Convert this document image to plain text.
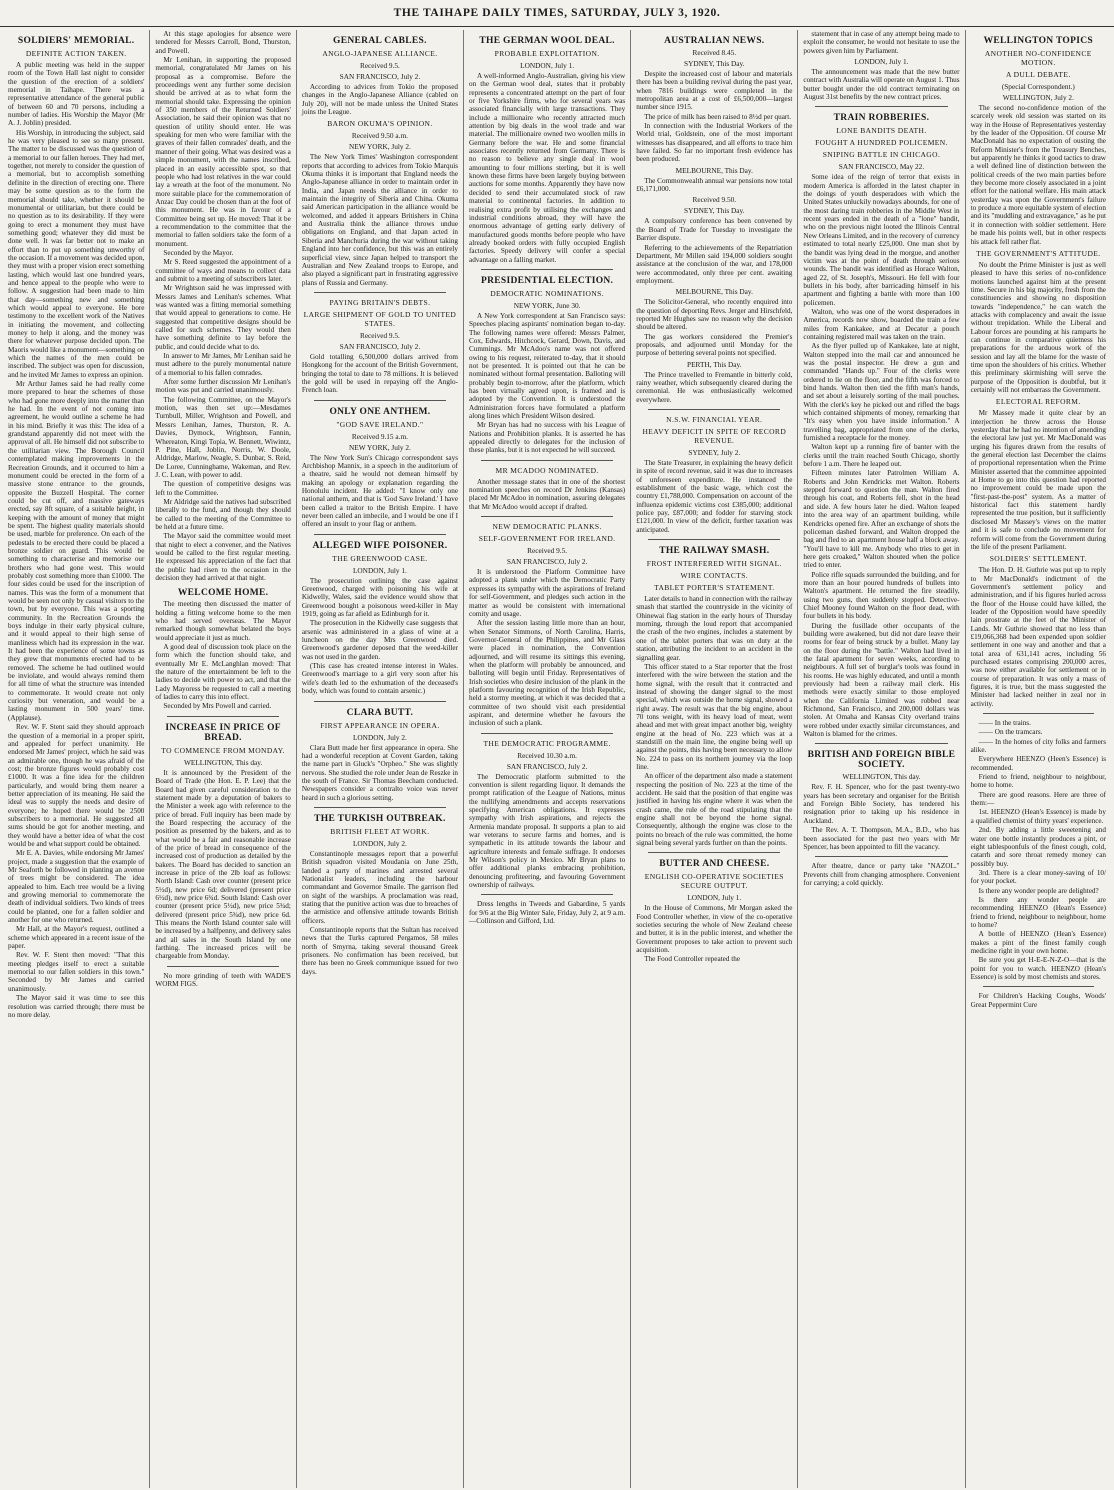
THE TAIHAPE DAILY TIMES, SATURDAY, JULY 3, 1920.
SOLDIERS' MEMORIAL.
DEFINITE ACTION TAKEN.

A public meeting was held in the supper room of the Town Hall last night to consider the question of the erection of a soldiers' memorial in Taihape. There was a representative attendance of the general public of between 60 and 70 persons, including a number of ladies. His Worship the Mayor (Mr A. J. Joblin) presided.

His Worship, in introducing the subject, said he was very pleased to see so many present. The matter to be discussed was the question of a memorial to our fallen heroes. They had met, together, not merely to consider the question of a memorial, but to accomplish something definite in the direction of erecting one. There may be some question as to the form the memorial should take, whether it should be monumental or utilitarian, but there could be no question as to its desirability. If they were going to erect a monument they must have something good; whatever they did must be done well. It was far better not to make an effort than to put up something unworthy of the occasion. If a movement was decided upon, they must with a proper vision erect something lasting, which would last one hundred years, and hence appeal to the people who were to follow. A suggestion had been made to him that day—something new and something which would appeal to everyone. He bore testimony to the excellent work of the Natives in initiating the movement, and collecting money to help it along, and the money was there for whatever purpose decided upon. The Maoris would like a monument—something on which the names of the men could be inscribed. The subject was open for discussion, and he invited Mr James to express an opinion.

Mr Arthur James said he had really come more prepared to hear the schemes of those who had gone more deeply into the matter than he had. In the event of not coming into agreement, he would outline a scheme he had in his mind. Briefly it was this: The idea of a grandstand apparently did not meet with the approval of all. He himself did not subscribe to the utilitarian view. The Borough Council contemplated making improvements in the Recreation Grounds, and it occurred to him a monument could be erected in the form of a massive stone entrance to the grounds, opposite the Buzzell Hospital. The corner could be cut off, and massive gateways erected, say 8ft square, of a suitable height, in keeping with the amount of money that might be spent. The highest quality materials should be used, marble for preference. On each of the pedestals to be erected there could be placed a bronze soldier on guard. This would be something to characterise and memorise our brothers who had gone west. This would probably cost something more than £1000. The four sides could be used for the inscription of names. This was the form of a monument that would be seen not only by casual visitors to the town, but by everyone. This was a sporting community. In the Recreation Grounds the boys indulge in their early physical culture, and it would appeal to their high sense of manliness which had its expression in the war. It had been the experience of some towns as they grew that monuments erected had to be removed. The scheme he had outlined would be inviolate, and would always remind them for all time of what the structure was intended to commemorate. It would create not only curiosity but veneration, and would be a lasting monument in 500 years' time. (Applause).

Rev. W. F. Stent said they should approach the question of a memorial in a proper spirit, and appealed for perfect unanimity. He endorsed Mr James' project, which he said was an admirable one, though he was afraid of the cost; the bronze figures would probably cost £1000. It was a fine idea for the children particularly, and would bring them nearer a better appreciation of its meaning. He said the ideal was to supply the needs and desire of everyone; he hoped there would be 2500 subscribers to a memorial. He suggested all sums should be got for another meeting, and they would have a better idea of what the cost would be and what support could be obtained.

Mr E. A. Davies, while endorsing Mr James' project, made a suggestion that the example of Mr Seaforth be followed in planting an avenue of trees might be considered. The idea appealed to him. Each tree would be a living and growing memorial to commemorate the death of individual soldiers. Two kinds of trees could be planted, one for a fallen soldier and another for one who returned.

Mr Hall, at the Mayor's request, outlined a scheme which appeared in a recent issue of the paper.

Rev. W. F. Stent then moved: "That this meeting pledges itself to erect a suitable memorial to our fallen soldiers in this town." Seconded by Mr James and carried unanimously.

The Mayor said it was time to see this resolution was carried through; there must be no more delay.

At this stage apologies for absence were tendered for Messrs Carroll, Bond, Thurston, and Powell.

Mr Lenihan, in supporting the proposed memorial, congratulated Mr James on his proposal as a compromise. Before the proceedings went any further some decision should be arrived at as to what form the memorial should take. Expressing the opinion of 350 members of the Returned Soldiers' Association, he said their opinion was that no question of utility should enter. He was speaking for men who were familiar with the graves of their fallen comrades' death, and the manner of their going. What was desired was a simple monument, with the names inscribed, placed in an easily accessible spot, so that people who had lost relatives in the war could lay a wreath at the foot of the monument. No more suitable place for the commemoration of Anzac Day could be chosen than at the foot of this monument. He was in favour of a Committee being set up. He moved: That it be a recommendation to the committee that the memorial to fallen soldiers take the form of a monument.

Seconded by the Mayor.

Mr S. Reed suggested the appointment of a committee of ways and means to collect data and submit to a meeting of subscribers later.

Mr Wrightson said he was impressed with Messrs James and Lenihan's schemes. What was wanted was a fitting memorial something that would appeal to generations to come. He suggested that competitive designs should be called for such schemes. They would then have something definite to lay before the public, and could decide what to do.

In answer to Mr James, Mr Lenihan said he must adhere to the purely monumental nature of a memorial to his fallen comrades.

After some further discussion Mr Lenihan's motion was put and carried unanimously.

The following Committee, on the Mayor's motion, was then set up:—Mesdames Turnbull, Miller, Wrightson and Powell, and Messrs Lenihan, James, Thurston, R. A. Davies, Dymock, Wrightson, Fannin, Whereaton, Kingi Topia, W. Bennett, Wiwintz, P. Pine, Hall, Joblin, Norris, W. Doole, Aldridge, Marlow, Neagle, S. Dunbar, S. Reid, De Loree, Cunninghame, Wakeman, and Rev. J. C. Lean, with power to add.

The question of competitive designs was left to the Committee.

Mr Aldridge said the natives had subscribed liberally to the fund, and though they should be called to the meeting of the Committee to be held at a future time.

The Mayor said the committee would meet that night to elect a convener, and the Natives would be called to the first regular meeting. He expressed his appreciation of the fact that the public had risen to the occasion in the decision they had arrived at that night.

WELCOME HOME.

The meeting then discussed the matter of holding a fitting welcome home to the men who had served overseas. The Mayor remarked though somewhat belated the boys would appreciate it just as much.

A good deal of discussion took place on the form which the function should take, and eventually Mr E. McLanghlan moved: That the nature of the entertainment be left to the ladies to decide with power to act, and that the Lady Mayoress be requested to call a meeting of ladies to carry this into effect.

Seconded by Mrs Powell and carried.

INCREASE IN PRICE OF BREAD.
TO COMMENCE FROM MONDAY.
WELLINGTON, This day.

It is announced by the President of the Board of Trade (the Hon. E. P. Lee) that the Board had given careful consideration to the statement made by a deputation of bakers to the Minister a week ago with reference to the price of bread. Full inquiry has been made by the Board respecting the accuracy of the position as presented by the bakers, and as to what would be a fair and reasonable increase of the price of bread in consequence of the increased cost of production as detailed by the bakers. The Board has decided to sanction an increase in price of the 2lb loaf as follows: North Island: Cash over counter (present price 5½d), new price 6d; delivered (present price 6½d), new price 6¾d. South Island: Cash over counter (present price 5½d), new price 5¾d; delivered (present price 5¾d), new price 6d. This means the North Island counter sale will be increased by a halfpenny, and delivery sales and all sales in the South Island by one farthing. The increased prices will be chargeable from Monday.

No more grinding of teeth with WADE'S WORM FIGS.

GENERAL CABLES.
ANGLO-JAPANESE ALLIANCE.
Received 9.5.
SAN FRANCISCO, July 2.

According to advices from Tokio the proposed changes in the Anglo-Japanese Alliance (cabled on July 20), will not be made unless the United States joins the League.

BARON OKUMA'S OPINION.
Received 9.50 a.m.
NEW YORK, July 2.

The New York Times' Washington correspondent reports that according to advices from Tokio Marquis Okuma thinks it is important that England needs the Anglo-Japanese alliance in order to maintain order in India, and Japan needs the alliance in order to maintain the integrity of Siberia and China. Okuma said American participation in the alliance would be welcomed, and added it appears Britishers in China and Australia think the alliance throws undue obligations on England, and that Japan acted in Siberia and Manchuria during the war without taking England into her confidence, but this was an entirely superficial view, since Japan helped to transport the Australian and New Zealand troops to Europe, and also played a significant part in frustrating aggressive plans of Russia and Germany.

PAYING BRITAIN'S DEBTS.
LARGE SHIPMENT OF GOLD TO UNITED STATES.
Received 9.5.
SAN FRANCISCO, July 2.

Gold totalling 6,500,000 dollars arrived from Hongkong for the account of the British Government, bringing the total to date to 78 millions. It is believed the gold will be used in repaying off the Anglo-French loan.

ONLY ONE ANTHEM.
"GOD SAVE IRELAND."
Received 9.15 a.m.
NEW YORK, July 2.

The New York Sun's Chicago correspondent says Archbishop Mannix, in a speech in the auditorium of a theatre, said he would not demean himself by making an apology or explanation regarding the Honolulu incident. He added: "I know only one national anthem, and that is 'God Save Ireland.' I have been called a traitor to the British Empire. I have never been called an imbecile, and I would be one if I offered an insult to your flag or anthem.

ALLEGED WIFE POISONER.
THE GREENWOOD CASE.
LONDON, July 1.

The prosecution outlining the case against Greenwood, charged with poisoning his wife at Kidwelly, Wales, said the evidence would show that Greenwood bought a poisonous weed-killer in May 1919, going as far afield as Edinburgh for it.

The prosecution in the Kidwelly case suggests that arsenic was administered in a glass of wine at a luncheon on the day Mrs Greenwood died. Greenwood's gardener deposed that the weed-killer was not used in the garden.

(This case has created intense interest in Wales. Greenwood's marriage to a girl very soon after his wife's death led to the exhumation of the deceased's body, which was found to contain arsenic.)

CLARA BUTT.
FIRST APPEARANCE IN OPERA.
LONDON, July 2.

Clara Butt made her first appearance in opera. She had a wonderful reception at Covent Garden, taking the name part in Gluck's "Orpheo." She was slightly nervous. She studied the role under Jean de Reszke in the south of France. Sir Thomas Beecham conducted. Newspapers consider a contralto voice was never heard in such a glorious setting.

THE TURKISH OUTBREAK.
BRITISH FLEET AT WORK.
LONDON, July 2.

Constantinople messages report that a powerful British squadron visited Moudania on June 25th, landed a party of marines and arrested several Nationalist leaders, including the harbour commandant and Governor Smaile. The garrison fled on sight of the warships. A proclamation was read, stating that the punitive action was due to breaches of the armistice and offensive attitude towards British officers.

Constantinople reports that the Sultan has received news that the Turks captured Pergamos, 58 miles north of Smyrna, taking several thousand Greek prisoners. No confirmation has been received, but there has been no Greek communique issued for two days.

THE GERMAN WOOL DEAL.
PROBABLE EXPLOITATION.
LONDON, July 1.

A well-informed Anglo-Australian, giving his view on the German wool deal, states that it probably represents a concentrated attempt on the part of four or five Yorkshire firms, who for several years was associated financially with large transactions. They include a millionaire who recently attracted much attention by big deals in the wool trade and war material. The millionaire owned two woollen mills in Germany before the war. He and some financial associates recently returned from Germany. There is no reason to believe any single deal in wool amounting to four millions sterling, but it is well known these firms have been largely buying between auctions for some months. Apparently they have now decided to send their accumulated stock of raw material to continental factories. In addition to realising extra profit by utilising the exchanges and industrial conditions abroad, they will have the enormous advantage of getting early delivery of manufactured goods months before people who have already booked orders with fully occupied English factories. Speedy delivery will confer a special advantage on a falling market.

PRESIDENTIAL ELECTION.
DEMOCRATIC NOMINATIONS.
NEW YORK, June 30.

A New York correspondent at San Francisco says: Speeches placing aspirants' nomination began to-day. The following names were offered: Messrs Palmer, Cox, Edwards, Hitchcock, Gerard, Down, Davis, and Cummings. Mr McAdoo's name was not offered owing to his request, reiterated to-day, that it should not be presented. It is pointed out that he can be nominated without formal presentation. Balloting will probably begin to-morrow, after the platform, which has been virtually agreed upon, is framed and is adopted by the Convention. It is understood the Administration forces have formulated a platform along lines which President Wilson desired.

Mr Bryan has had no success with his League of Nations and Prohibition planks. It is asserted he has appealed directly to delegates for the inclusion of these planks, but it is not expected he will succeed.

MR MCADOO NOMINATED.

Another message states that in one of the shortest nomination speeches on record Dr Jenkins (Kansas) placed Mr McAdoo in nomination, assuring delegates that Mr McAdoo would accept if drafted.

NEW DEMOCRATIC PLANKS.
SELF-GOVERNMENT FOR IRELAND.
Received 9.5.
SAN FRANCISCO, July 2.

It is understood the Platform Committee have adopted a plank under which the Democratic Party expresses its sympathy with the aspirations of Ireland for self-Government, and pledges such action in the matter as would be consistent with international comity and usage.

After the session lasting little more than an hour, when Senator Simmons, of North Carolina, Harris, Governor-General of the Philippines, and Mr Glass were placed in nomination, the Convention adjourned, and will resume its sittings this evening, when the platform will probably be announced, and balloting will begin until Friday. Representatives of Irish societies who desire inclusion of the plank in the platform favouring recognition of the Irish Republic, held a stormy meeting, at which it was decided that a committee of two should visit each presidential aspirant, and determine whether he favours the inclusion of such a plank.

THE DEMOCRATIC PROGRAMME.
Received 10.30 a.m.
SAN FRANCISCO, July 2.

The Democratic platform submitted to the convention is silent regarding liquor. It demands the prompt ratification of the League of Nations, minus the nullifying amendments and accepts reservations specifying American obligations. It expresses sympathy with Irish aspirations, and rejects the Armenia mandate proposal. It supports a plan to aid war veterans to secure farms and homes, and is sympathetic in its attitude towards the labour and agriculture interests and female suffrage. It endorses Mr Wilson's policy in Mexico. Mr Bryan plans to offer additional planks embracing prohibition, denouncing profiteering, and favouring Government ownership of railways.

Dress lengths in Tweeds and Gabardine, 5 yards for 9/6 at the Big Winter Sale, Friday, July 2, at 9 a.m. —Collinson and Gifford, Ltd.

AUSTRALIAN NEWS.
Received 8.45.
SYDNEY, This Day.

Despite the increased cost of labour and materials there has been a building revival during the past year, when 7816 buildings were completed in the metropolitan area at a cost of £6,500,000—largest number since 1915.

The price of milk has been raised to 8½d per quart.

In connection with the Industrial Workers of the World trial, Goldstein, one of the most important witnesses has disappeared, and all efforts to trace him have failed. So far no important fresh evidence has been produced.

MELBOURNE, This Day.

The Commonwealth annual war pensions now total £6,171,000.

Received 9.50.
SYDNEY, This Day.

A compulsory conference has been convened by the Board of Trade for Tuesday to investigate the Barrier dispute.

Referring to the achievements of the Repatriation Department, Mr Millen said 194,000 soldiers sought assistance at the conclusion of the war, and 178,000 were accommodated, only three per cent. awaiting employment.

MELBOURNE, This Day.

The Solicitor-General, who recently enquired into the question of deporting Revs. Jerger and Hirschfeld, reported Mr Hughes saw no reason why the decision should be altered.

The gas workers considered the Premier's proposals, and adjourned until Monday for the purpose of bettering several points not specified.

PERTH, This Day.

The Prince travelled to Fremantle in bitterly cold, rainy weather, which subsequently cleared during the ceremonial. He was enthusiastically welcomed everywhere.

N.S.W. FINANCIAL YEAR.
HEAVY DEFICIT IN SPITE OF RECORD REVENUE.
SYDNEY, July 2.

The State Treasurer, in explaining the heavy deficit in spite of record revenue, said it was due to increases of unforeseen expenditure. He instanced the establishment of the basic wage, which cost the country £1,788,000. Compensation on account of the influenza epidemic victims cost £385,000; additional police pay, £87,000; and fodder for starving stock £121,000. In view of the deficit, further taxation was anticipated.

THE RAILWAY SMASH.
FROST INTERFERED WITH SIGNAL.
WIRE CONTACTS.
TABLET PORTER'S STATEMENT.

Later details to hand in connection with the railway smash that startled the countryside in the vicinity of Ohinewai flag station in the early hours of Thursday morning, through the loud report that accompanied the crash of the two engines, includes a statement by one of the tablet porters that was on duty at the station, attributing the incident to an accident in the signalling gear.

This officer stated to a Star reporter that the frost interfered with the wire between the station and the home signal, with the result that it contracted and instead of showing the danger signal to the most special, which was outside the home signal, showed a right away. The result was that the big engine, about 70 tons weight, with its heavy load of meat, went ahead and met with great impact another big, weighty engine at the head of No. 223 which was at a standstill on the main line, the engine being well up against the points, this having been necessary to allow No. 224 to pass on its northern journey via the loop line.

An officer of the department also made a statement respecting the position of No. 223 at the time of the accident. He said that the position of that engine was justified in having his engine where it was when the crash came, the rule of the road stipulating that the engine shall not be beyond the home signal. Consequently, although the engine was close to the points no breach of the rule was committed, the home signal being several yards further on than the points.

BUTTER AND CHEESE.
ENGLISH CO-OPERATIVE SOCIETIES SECURE OUTPUT.
LONDON, July 1.

In the House of Commons, Mr Morgan asked the Food Controller whether, in view of the co-operative societies securing the whole of New Zealand cheese and butter, it is in the public interest, and whether the Government proposes to take action to prevent such acquisition.

The Food Controller repeated the

statement that in case of any attempt being made to exploit the consumer, he would not hesitate to use the powers given him by Parliament.

LONDON, July 1.

The announcement was made that the new butter contract with Australia will operate on August 1. Thus butter bought under the old contract terminating on August 31st benefits by the new contract prices.

TRAIN ROBBERIES.
LONE BANDITS DEATH.
FOUGHT A HUNDRED POLICEMEN.
SNIPING BATTLE IN CHICAGO.
SAN FRANCISCO, May 22.

Some idea of the reign of terror that exists in modern America is afforded in the latest chapter in the doings of youth desperadoes with which the United States unluckily nowadays abounds, for one of the most daring train robberies in the Middle West in recent years ended in the death of a "lone" bandit, who on the previous night looted the Illinois Central New Orleans Limited, and in the recovery of currency estimated to total nearly £25,000. One man shot by the bandit was lying dead in the morgue, and another victim was at the point of death through serious wounds. The bandit was identified as Horace Walton, aged 22, of St. Joseph's, Missouri. He fell with four bullets in his body, after barricading himself in his apartment and fighting a battle with more than 100 policemen.

Walton, who was one of the worst desperadoes in America, records now show, boarded the train a few miles from Kankakee, and at Decatur a pouch containing registered mail was taken on the train.

As the flyer pulled up of Kankakee, late at night, Walton stepped into the mail car and announced he was the postal inspector. He drew a gun and commanded "Hands up." Four of the clerks were ordered to lie on the floor, and the fifth was forced to bind hands. Walton then tied the fifth man's hands, and set about a leisurely sorting of the mail pouches. With the clerk's key he picked out and rifled the bags which contained shipments of money, remarking that "It's easy when you have inside information." A travelling bag, appropriated from one of the clerks, furnished a receptacle for the money.

Walton kept up a running fire of banter with the clerks until the train reached South Chicago, shortly before 1 a.m. There he leaped out.

Fifteen minutes later Patrolmen William A. Roberts and John Kendricks met Walton. Roberts stepped forward to question the man. Walton fired through his coat, and Roberts fell, shot in the head and side. A few hours later he died. Walton leaped into the area way of an apartment building, while Kendricks opened fire. After an exchange of shots the policeman dashed forward, and Walton dropped the bag and fled to an apartment house half a block away. "You'll have to kill me. Anybody who tries to get in here gets croaked," Walton shouted when the police tried to enter.

Police rifle squads surrounded the building, and for more than an hour poured hundreds of bullets into Walton's apartment. He returned the fire steadily, using two guns, then suddenly stopped. Detective-Chief Mooney found Walton on the floor dead, with four bullets in his body.

During the fusillade other occupants of the building were awakened, but did not dare leave their rooms for fear of being struck by a bullet. Many lay on the floor during the "battle." Walton had lived in the fatal apartment for seven weeks, according to neighbours. A full set of burglar's tools was found in his rooms. He was highly educated, and until a month previously had been a railway mail clerk. His methods were exactly similar to those employed when the California Limited was robbed near Richmond, San Francisco, and 200,000 dollars was stolen. At Omaha and Kansas City overland trains were robbed under exactly similar circumstances, and Walton is blamed for the crimes.

BRITISH AND FOREIGN BIBLE SOCIETY.
WELLINGTON, This day.

Rev. F. H. Spencer, who for the past twenty-two years has been secretary and organiser for the British and Foreign Bible Society, has tendered his resignation prior to taking up his residence in Auckland.

The Rev. A. T. Thompson, M.A., B.D., who has been associated for the past two years with Mr Spencer, has been appointed to fill the vacancy.

After theatre, dance or party take "NAZOL." Prevents chill from changing atmosphere. Convenient for carrying; a cold quickly.

WELLINGTON TOPICS
ANOTHER NO-CONFIDENCE MOTION.
A DULL DEBATE.
(Special Correspondent.)
WELLINGTON, July 2.

The second no-confidence motion of the scarcely week old session was started on its way in the House of Representatives yesterday by the leader of the Opposition. Of course Mr MacDonald has no expectation of ousting the Reform Minister's from the Treasury Benches, but apparently he thinks it good tactics to draw a well defined line of distinction between the political creeds of the two main parties before they become more closely associated in a joint effort for the national welfare. His main attack yesterday was upon the Government's failure to produce a more equitable system of election and its "muddling and extravagance," as he put it in connection with soldier settlement. Here he made his points well, but in other respects his attack fell rather flat.

THE GOVERNMENT'S ATTITUDE.

No doubt the Prime Minister is just as well pleased to have this series of no-confidence motions launched against him at the present time. Secure in his big majority, fresh from the constituencies and showing no disposition towards "independence," he can watch the attacks with complacency and await the issue without trepidation. While the Liberal and Labour forces are pounding at his ramparts he can continue in comparative quietness his preparations for the arduous work of the session and lay all the blame for the waste of time upon the shoulders of his critics. Whether this preliminary skirmishing will serve the purpose of the Opposition is doubtful, but it certainly will not embarrass the Government.

ELECTORAL REFORM.

Mr Massey made it quite clear by an interjection he threw across the House yesterday that he had no intention of amending the electoral law just yet. Mr MacDonald was urging his figures drawn from the results of the general election last December the claims of proportional representation when the Prime Minister asserted that the committee appointed at Home to go into this question had reported no improvement could be made upon the "first-past-the-post" system. As a matter of historical fact this statement hardly represented the true position, but it sufficiently disclosed Mr Massey's views on the matter and it is safe to conclude no movement for reform will come from the Government during the life of the present Parliament.

SOLDIERS' SETTLEMENT.

The Hon. D. H. Guthrie was put up to reply to Mr MacDonald's indictment of the Government's settlement policy and administration, and if his figures hurled across the floor of the House could have killed, the leader of the Opposition would have speedily lain prostrate at the feet of the Minister of Lands. Mr Guthrie showed that no less than £19,066,368 had been expended upon soldier settlement in one way and another and that a total area of 631,141 acres, including 56 purchased estates comprising 200,000 acres, was now either available for settlement or in course of preparation. It was only a mass of figures, it is true, but the mass suggested the Minister had lacked neither in zeal nor in activity.

—— In the trains.

—— On the tramcars.

—— In the homes of city folks and farmers alike.

Everywhere HEENZO (Heen's Essence) is recommended.

Friend to friend, neighbour to neighbour, home to home.

There are good reasons. Here are three of them:—

1st. HEENZO (Hean's Essence) is made by a qualified chemist of thirty years' experience.

2nd. By adding a little sweetening and water one bottle instantly produces a pint, or eight tablespoonfuls of the finest cough, cold, catarrh and sore throat remedy money can possibly buy.

3rd. There is a clear money-saving of 10/ for your pocket.

Is there any wonder people are delighted?

Is there any wonder people are recommending HEENZO (Hean's Essence) friend to friend, neighbour to neighbour, home to home?

A bottle of HEENZO (Hean's Essence) makes a pint of the finest family cough medicine right in your own home.

Be sure you get H-E-E-N-Z-O—that is the point for you to watch. HEENZO (Hean's Essence) is sold by most chemists and stores.

For Children's Hacking Coughs, Woods' Great Peppermint Cure
